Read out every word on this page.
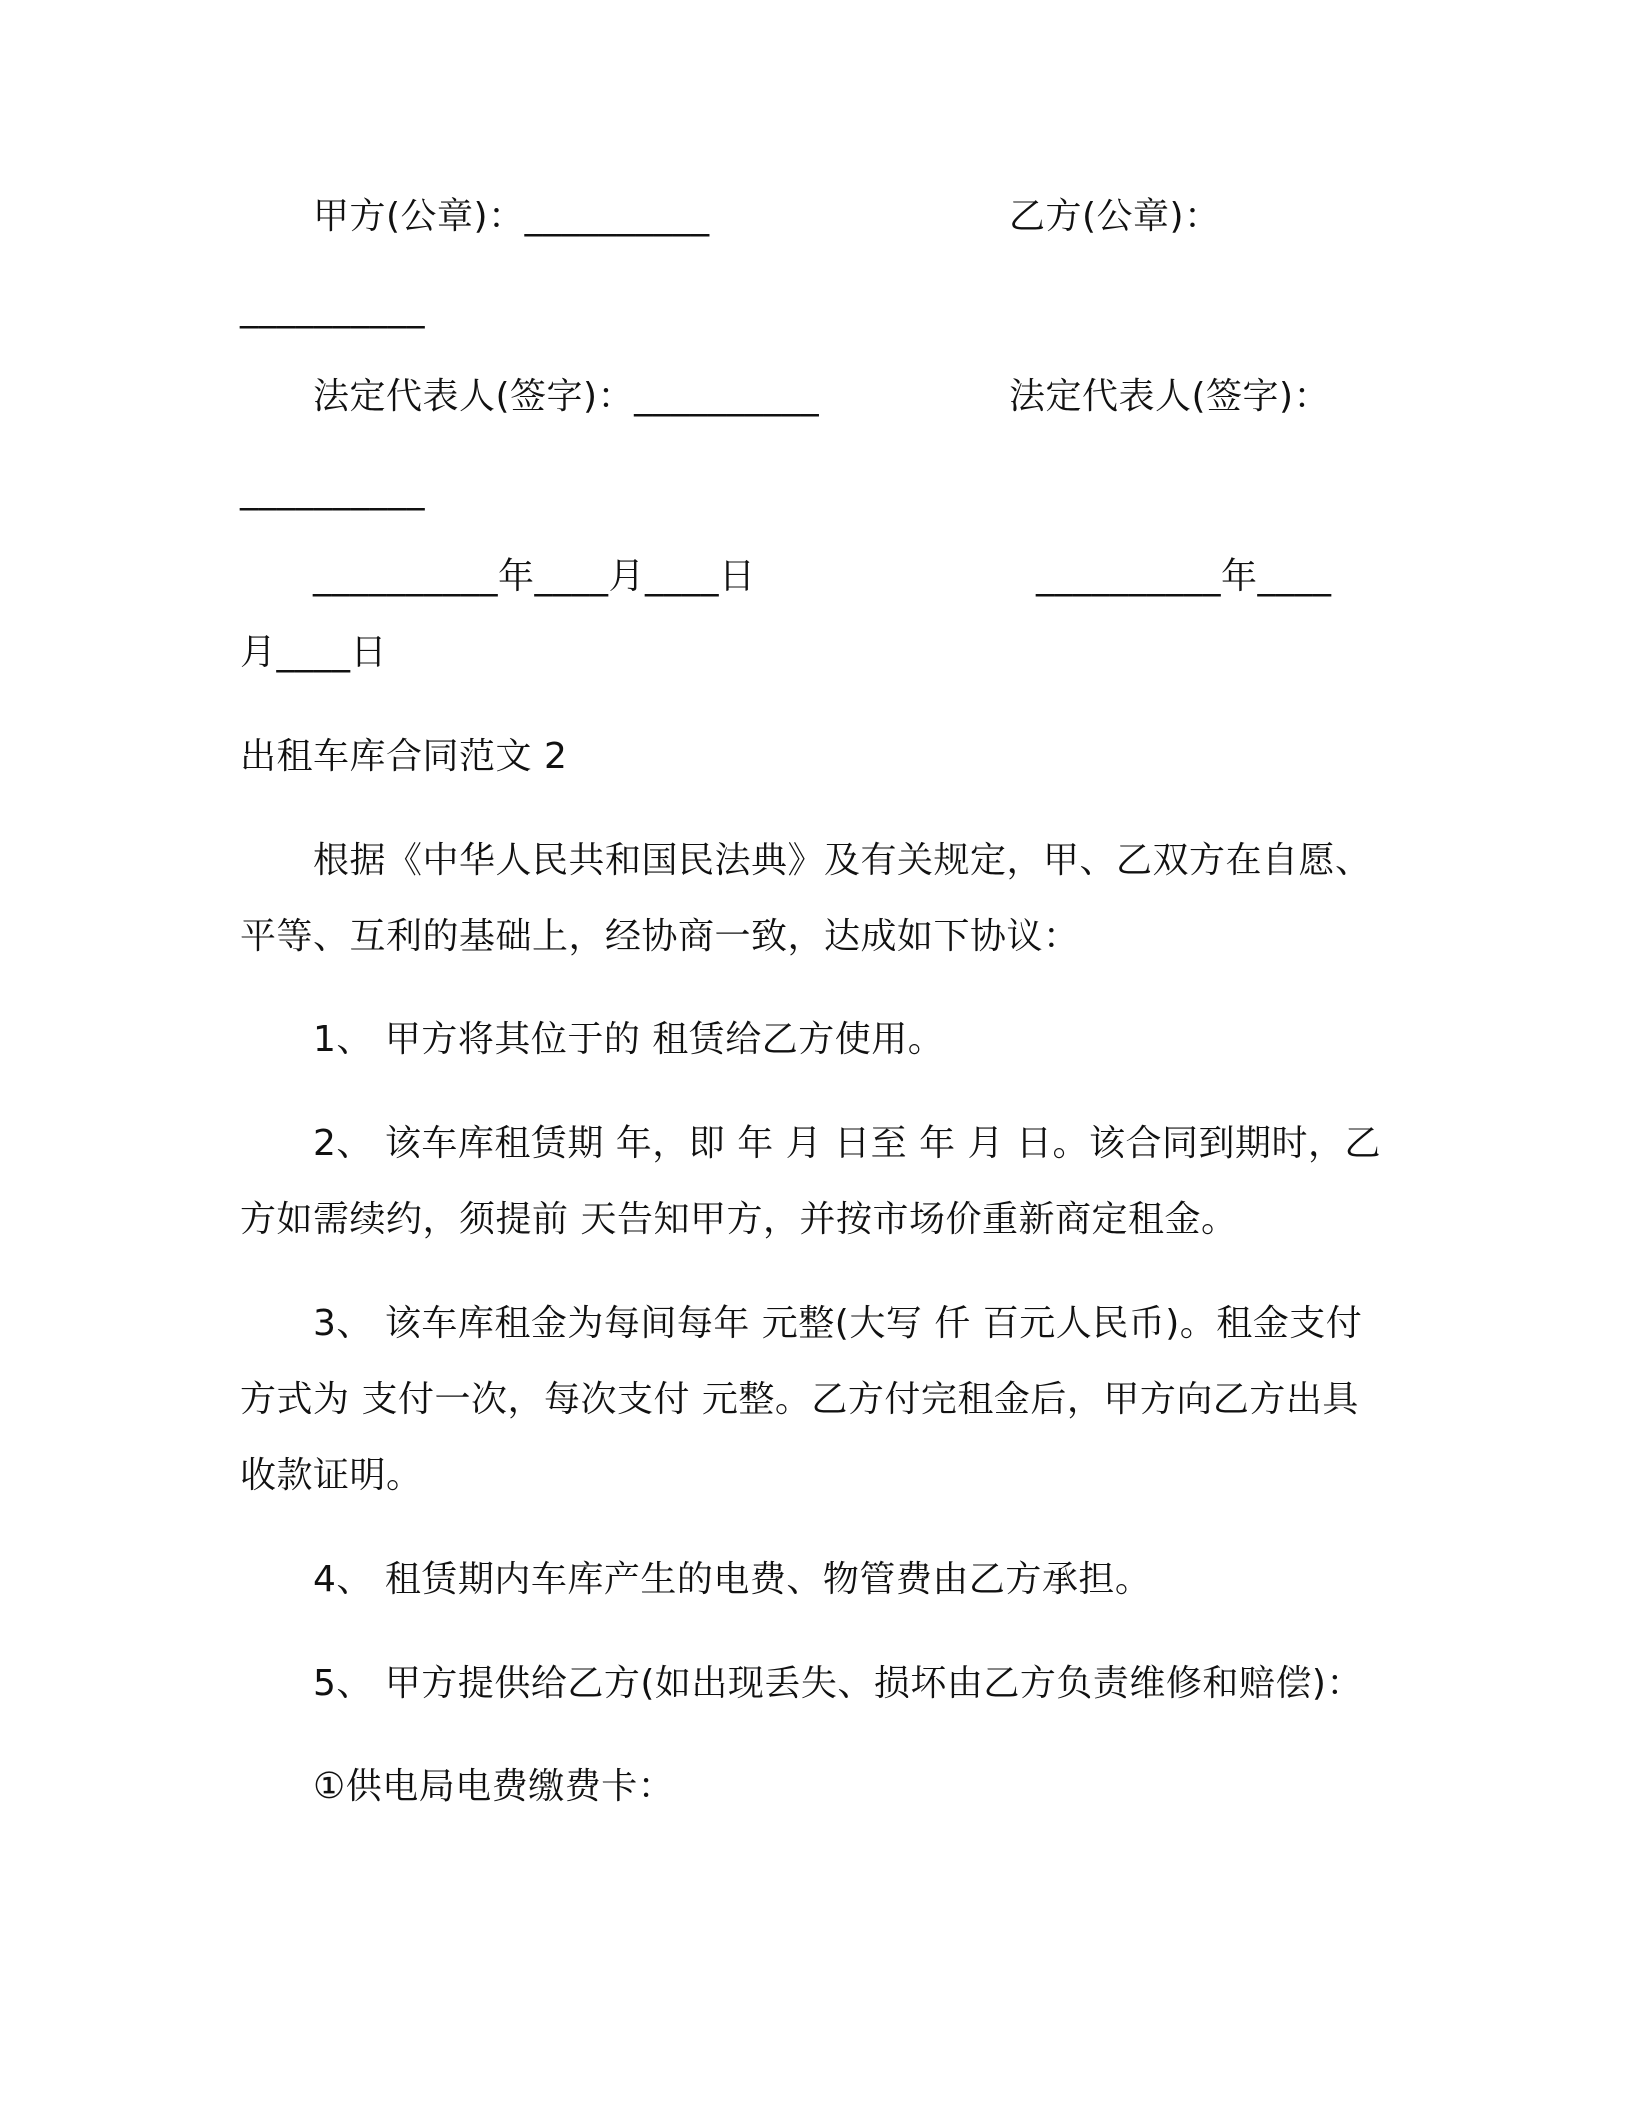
甲方(公章)：__________	乙方(公章)：
__________
法定代表人(签字)：__________	法定代表人(签字)：
__________
__________年____月____日	__________年____
月____日
出租车库合同范文 2
根据《中华人民共和国民法典》及有关规定，甲、乙双方在自愿、
平等、互利的基础上，经协商一致，达成如下协议：
1、 甲方将其位于的 租赁给乙方使用。
2、 该车库租赁期 年，即 年 月 日至 年 月 日。该合同到期时，乙
方如需续约，须提前 天告知甲方，并按市场价重新商定租金。
3、 该车库租金为每间每年 元整(大写 仟 百元人民币)。租金支付
方式为 支付一次，每次支付 元整。乙方付完租金后，甲方向乙方出具
收款证明。
4、 租赁期内车库产生的电费、物管费由乙方承担。
5、 甲方提供给乙方(如出现丢失、损坏由乙方负责维修和赔偿)：
①供电局电费缴费卡：
